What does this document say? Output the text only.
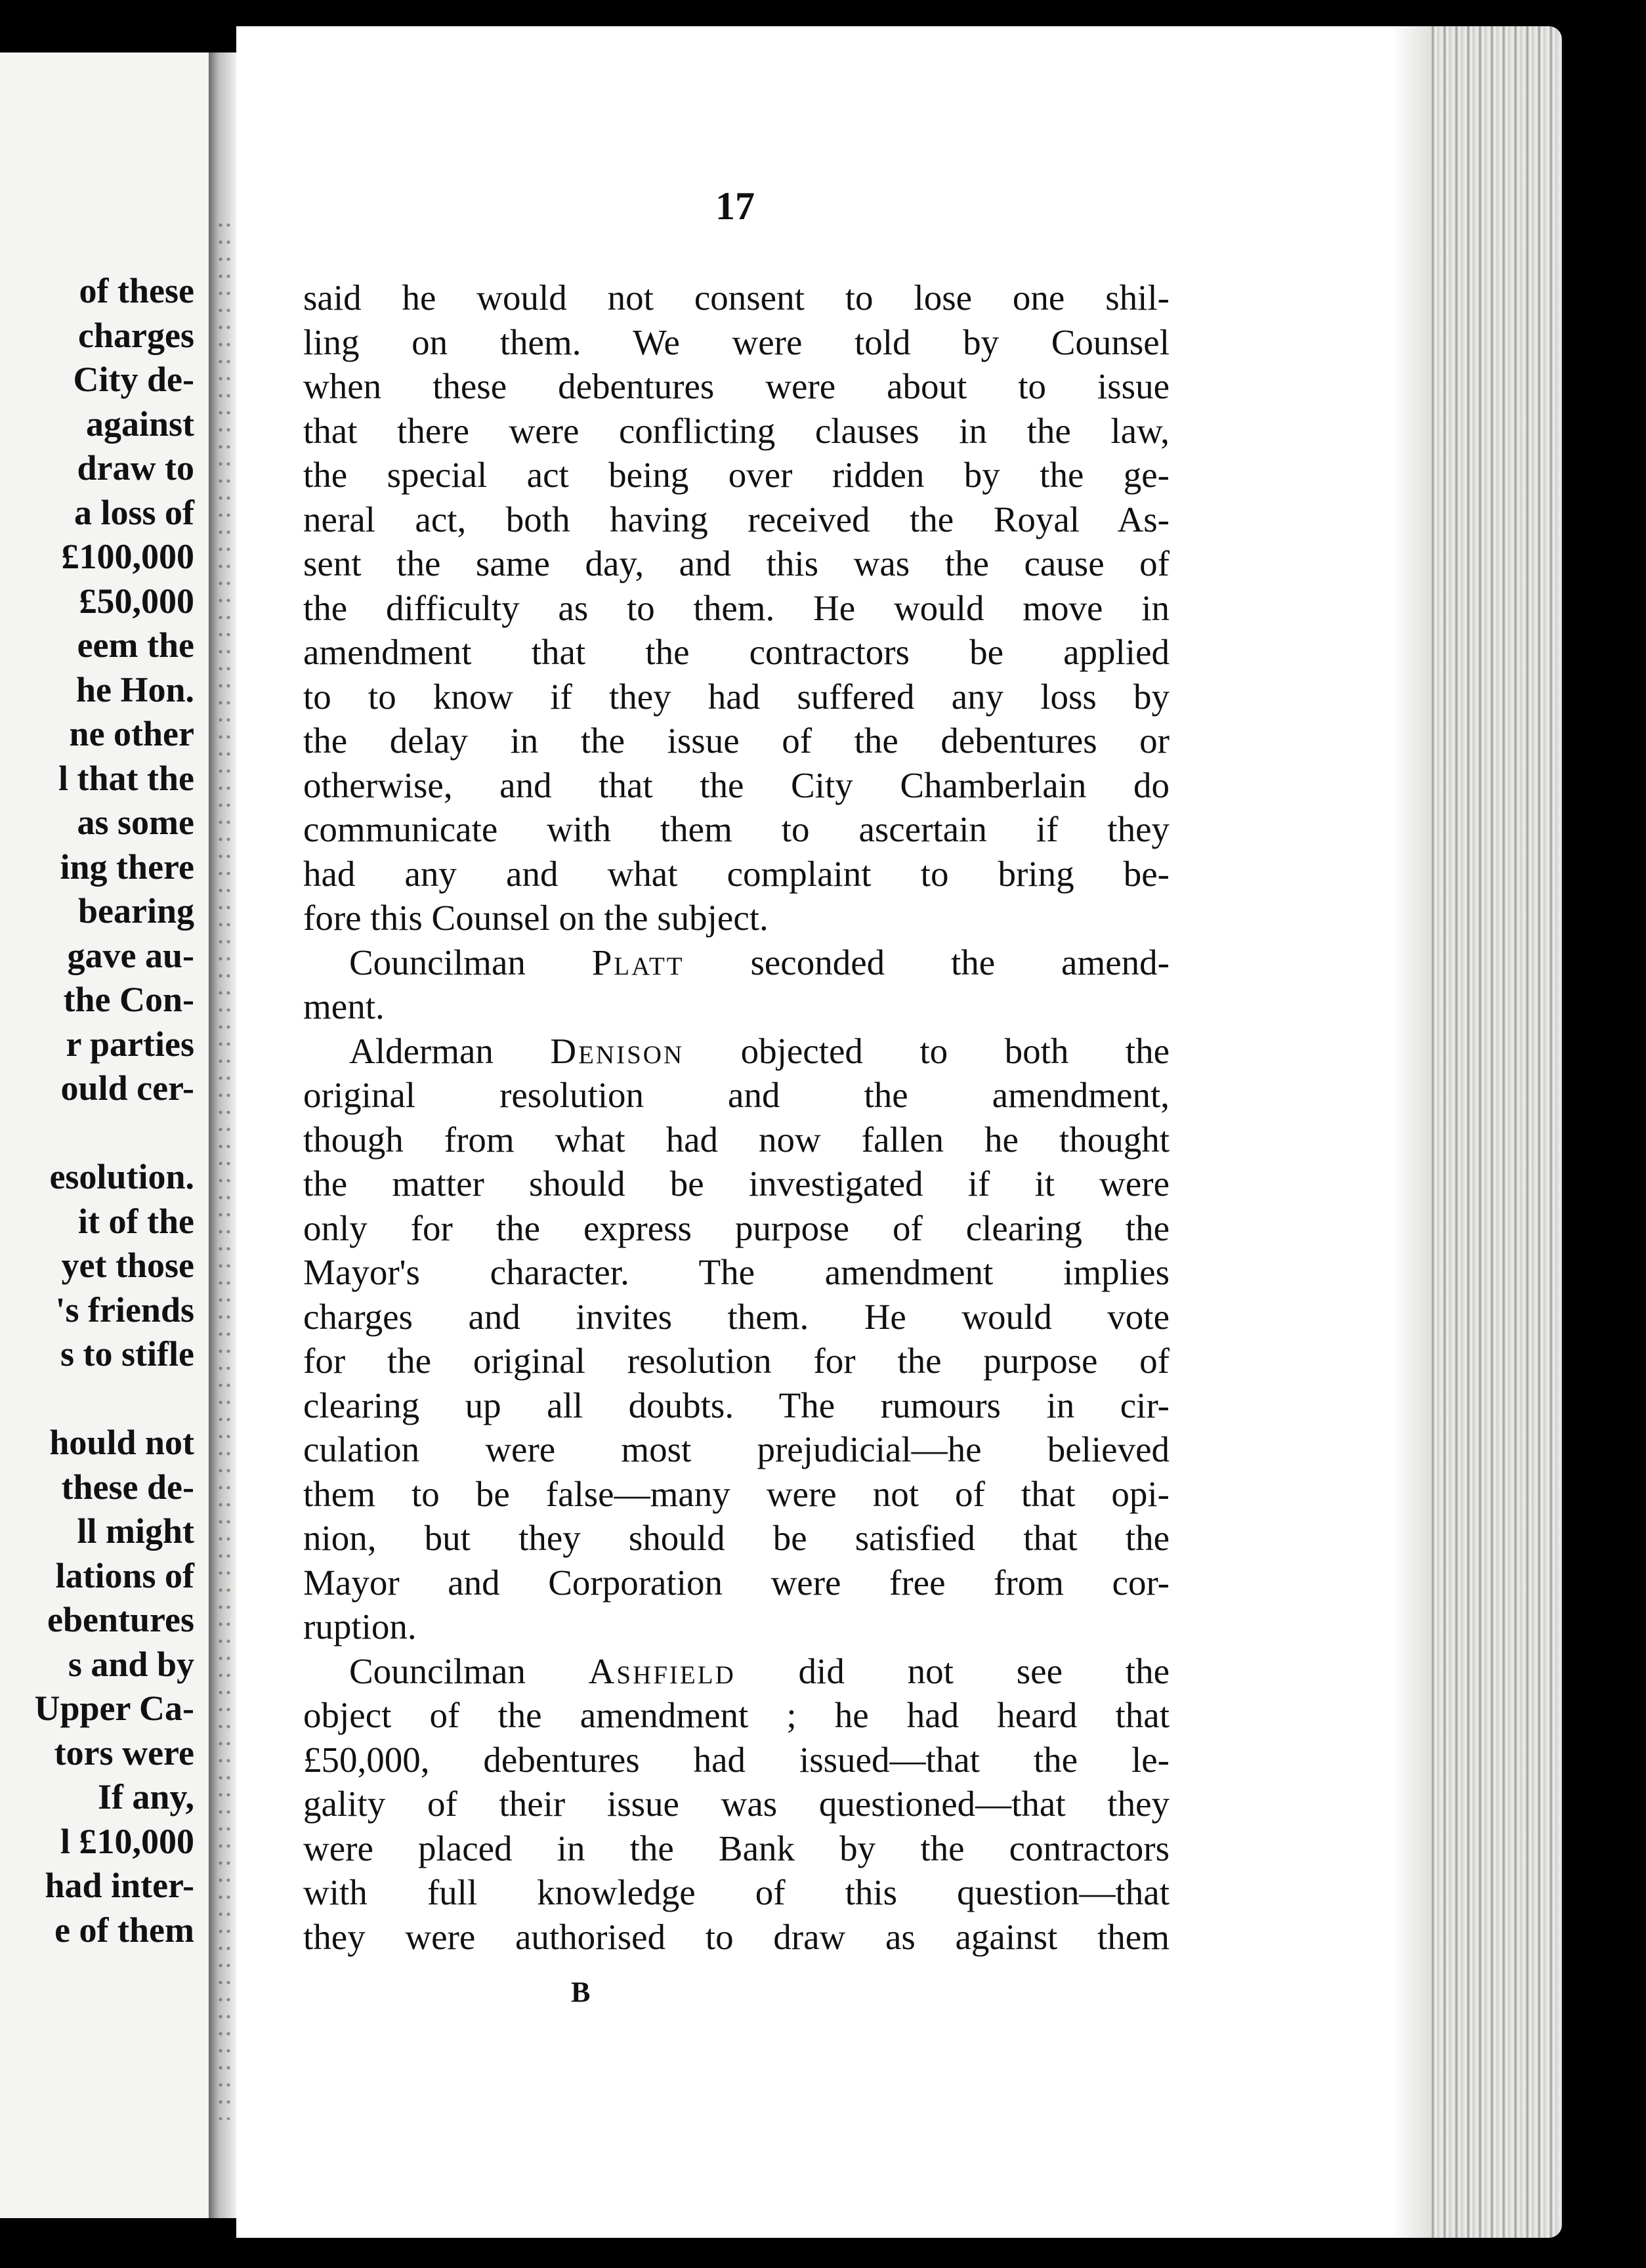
of these
charges
City de-
against
draw to
a loss of
£100,000
£50,000
eem the
he Hon.
ne other
l that the
as some
ing there
bearing
gave au-
the Con-
r parties
ould cer-
esolution.
it of the
yet those
's friends
s to stifle
hould not
these de-
ll might
lations of
ebentures
s and by
Upper Ca-
tors were
If any,
l £10,000
had inter-
e of them
17
said he would not consent to lose one shil-
ling on them. We were told by Counsel
when these debentures were about to issue
that there were conflicting clauses in the law,
the special act being over ridden by the ge-
neral act, both having received the Royal As-
sent the same day, and this was the cause of
the difficulty as to them. He would move in
amendment that the contractors be applied
to to know if they had suffered any loss by
the delay in the issue of the debentures or
otherwise, and that the City Chamberlain do
communicate with them to ascertain if they
had any and what complaint to bring be-
fore this Counsel on the subject.
Councilman Platt seconded the amend-
ment.
Alderman Denison objected to both the
original resolution and the amendment,
though from what had now fallen he thought
the matter should be investigated if it were
only for the express purpose of clearing the
Mayor's character. The amendment implies
charges and invites them. He would vote
for the original resolution for the purpose of
clearing up all doubts. The rumours in cir-
culation were most prejudicial—he believed
them to be false—many were not of that opi-
nion, but they should be satisfied that the
Mayor and Corporation were free from cor-
ruption.
Councilman Ashfield did not see the
object of the amendment ; he had heard that
£50,000, debentures had issued—that the le-
gality of their issue was questioned—that they
were placed in the Bank by the contractors
with full knowledge of this question—that
they were authorised to draw as against them
B
